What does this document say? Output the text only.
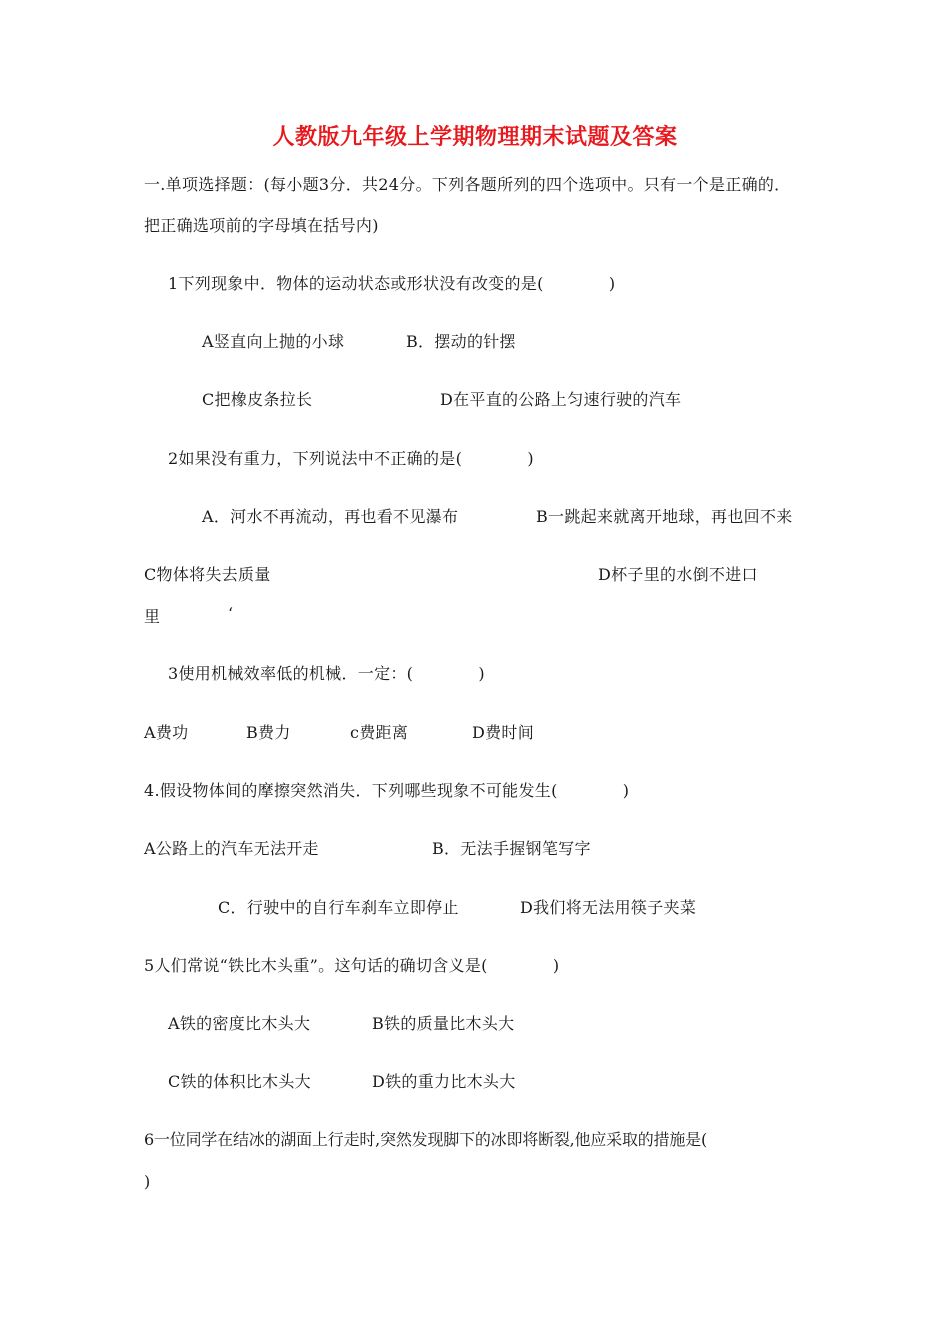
人教版九年级上学期物理期末试题及答案
一.单项选择题：(每小题3分．共24分。下列各题所列的四个选项中。只有一个是正确的．
把正确选项前的字母填在括号内)
1下列现象中．物体的运动状态或形状没有改变的是(　　　　)
A竖直向上抛的小球	B．摆动的针摆
C把橡皮条拉长	D在平直的公路上匀速行驶的汽车
2如果没有重力，下列说法中不正确的是(　　　　)
A．河水不再流动，再也看不见瀑布	B一跳起来就离开地球，再也回不来
C物体将失去质量	D杯子里的水倒不进口
里	‘
3使用机械效率低的机械．一定：(　　　　)
A费功	B费力	c费距离	D费时间
4.假设物体间的摩擦突然消失．下列哪些现象不可能发生(　　　　)
A公路上的汽车无法开走	B．无法手握钢笔写字
C．行驶中的自行车刹车立即停止	D我们将无法用筷子夹菜
5人们常说“铁比木头重”。这句话的确切含义是(　　　　)
A铁的密度比木头大	B铁的质量比木头大
C铁的体积比木头大	D铁的重力比木头大
6一位同学在结冰的湖面上行走时,突然发现脚下的冰即将断裂,他应采取的措施是(
)
